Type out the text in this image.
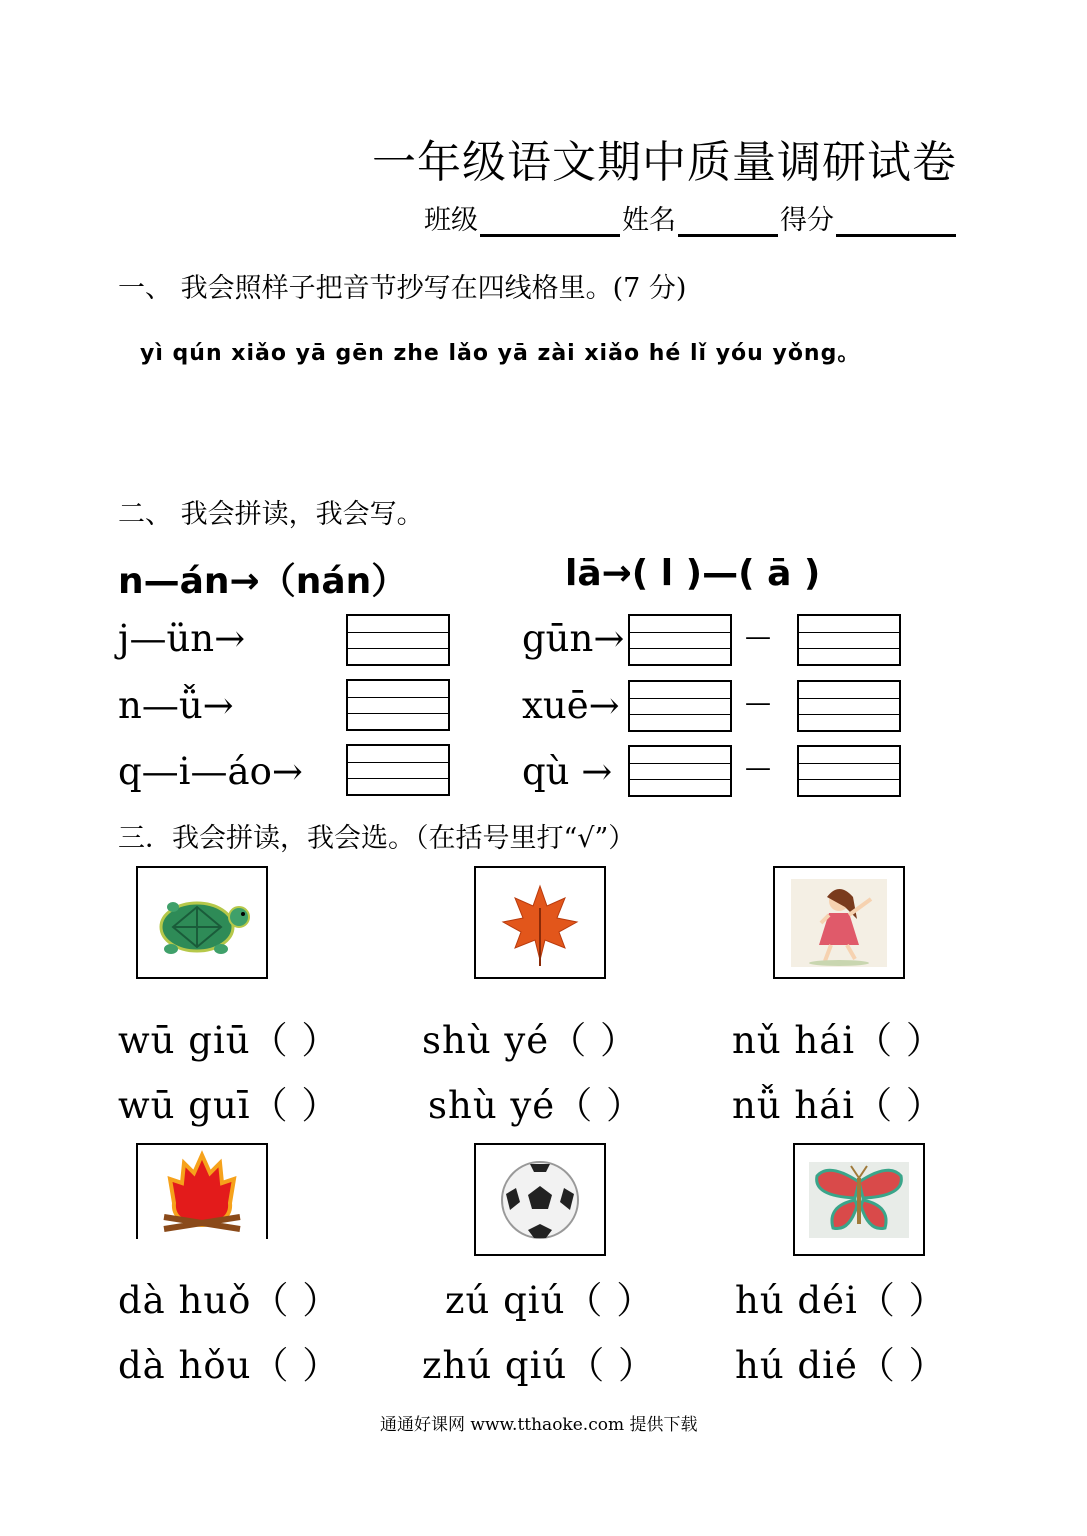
一年级语文期中质量调研试卷
班级	姓名	得分
一、 我会照样子把音节抄写在四线格里。(7 分)
yì qún xiǎo yā gēn zhe lǎo yā zài xiǎo hé lǐ yóu yǒng。
二、 我会拼读，我会写。
n—án→（nán）	lā→( l )—( ā )
j—ün→	gūn→	—
n—ǚ→	xuē→	—
q—i—áo→	qù →	—
三．我会拼读，我会选。（在括号里打“√”）
wū giū（ ） shù yé（ ）	nǔ hái（ ）
wū guī（ ） shù yé（ ） nǚ hái（ ）
dà huǒ（ ）	zú qiú（ ） hú déi（ ）
dà hǒu（ ） zhú qiú（ ） hú dié（ ）
通通好课网 www.tthaoke.com 提供下载
